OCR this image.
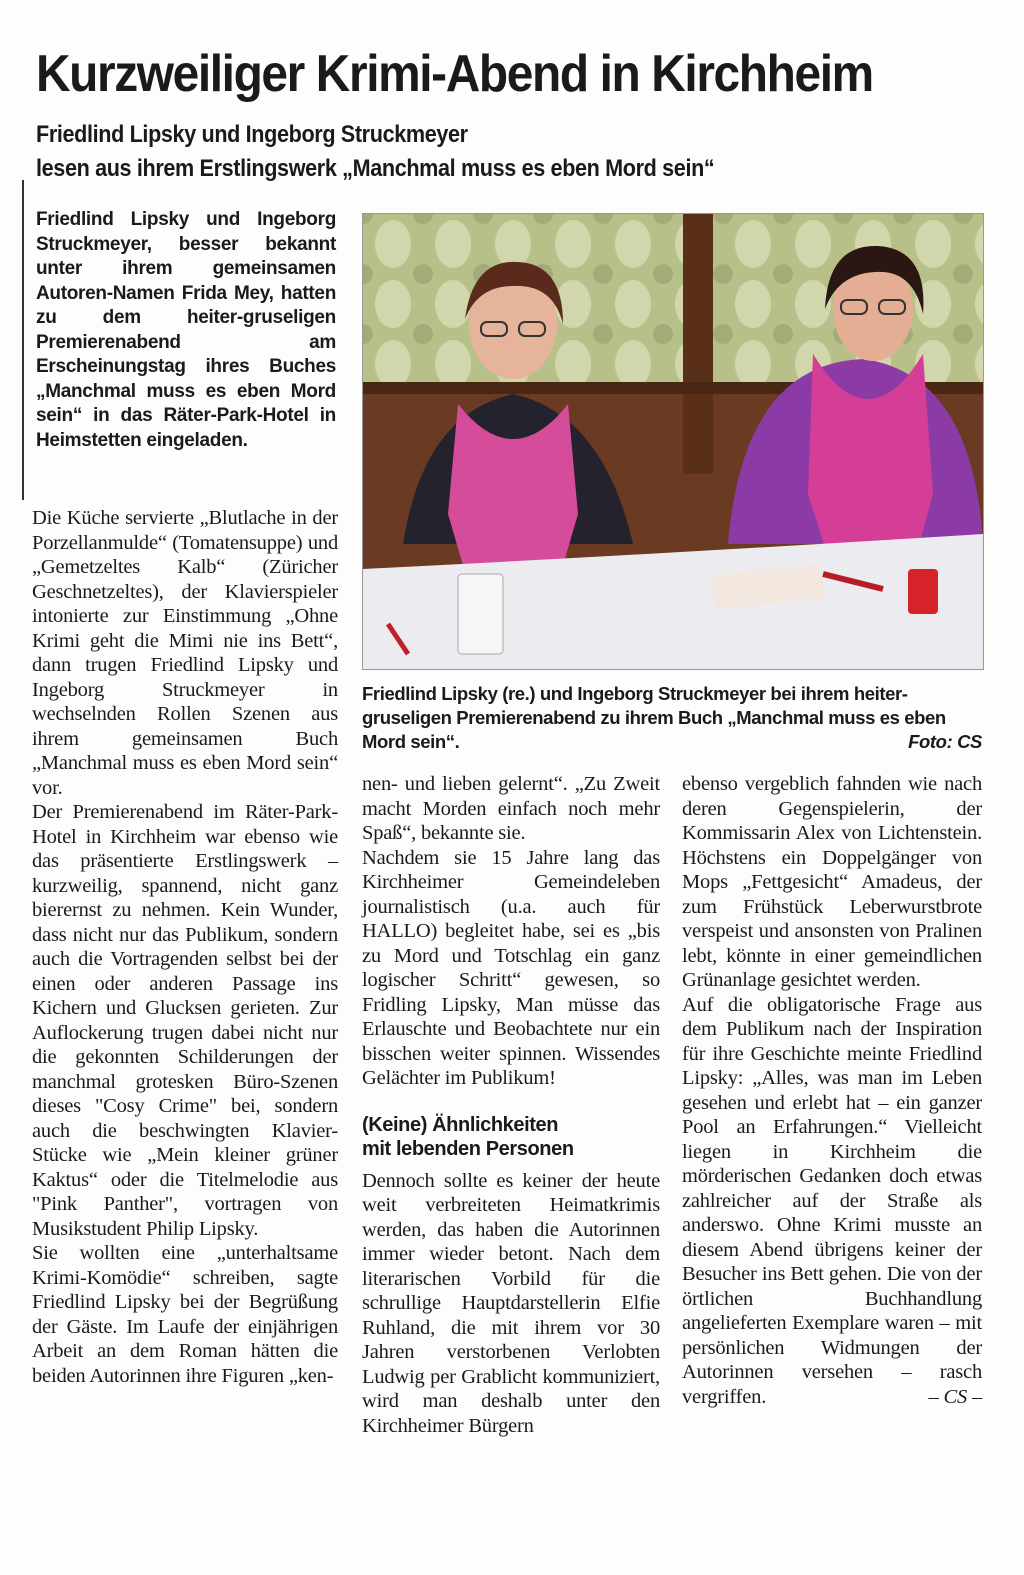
Kurzweiliger Krimi-Abend in Kirchheim
Friedlind Lipsky und Ingeborg Struckmeyer
lesen aus ihrem Erstlingswerk „Manchmal muss es eben Mord sein“
Friedlind Lipsky und Ingeborg Struckmeyer, besser bekannt unter ihrem gemeinsamen Autoren-Namen Frida Mey, hatten zu dem heiter-gruseligen Premierenabend am Erscheinungstag ihres Buches „Manchmal muss es eben Mord sein“ in das Räter-Park-Hotel in Heimstetten eingeladen.
Friedlind Lipsky (re.) und Ingeborg Struckmeyer bei ihrem heiter-gruseligen Premierenabend zu ihrem Buch „Manchmal muss es eben Mord sein“.	Foto: CS

Die Küche servierte „Blutlache in der Porzellanmulde“ (Tomatensuppe) und „Gemetzeltes Kalb“ (Züricher Geschnetzeltes), der Klavierspieler intonierte zur Einstimmung „Ohne Krimi geht die Mimi nie ins Bett“, dann trugen Friedlind Lipsky und Ingeborg Struckmeyer in wechselnden Rollen Szenen aus ihrem gemeinsamen Buch „Manchmal muss es eben Mord sein“ vor.

Der Premierenabend im Räter-Park-Hotel in Kirchheim war ebenso wie das präsentierte Erstlingswerk – kurzweilig, spannend, nicht ganz bierernst zu nehmen. Kein Wunder, dass nicht nur das Publikum, sondern auch die Vortragenden selbst bei der einen oder anderen Passage ins Kichern und Glucksen gerieten. Zur Auflockerung trugen dabei nicht nur die gekonnten Schilderungen der manchmal grotesken Büro-Szenen dieses "Cosy Crime" bei, sondern auch die beschwingten Klavier-Stücke wie „Mein kleiner grüner Kaktus“ oder die Titelmelodie aus "Pink Panther", vortragen von Musikstudent Philip Lipsky.

Sie wollten eine „unterhaltsame Krimi-Komödie“ schreiben, sagte Friedlind Lipsky bei der Begrüßung der Gäste. Im Laufe der einjährigen Arbeit an dem Roman hätten die beiden Autorinnen ihre Figuren „ken-

nen- und lieben gelernt“. „Zu Zweit macht Morden einfach noch mehr Spaß“, bekannte sie.

Nachdem sie 15 Jahre lang das Kirchheimer Gemeindeleben journalistisch (u.a. auch für HALLO) begleitet habe, sei es „bis zu Mord und Totschlag ein ganz logischer Schritt“ gewesen, so Fridling Lipsky, Man müsse das Erlauschte und Beobachtete nur ein bisschen weiter spinnen. Wissendes Gelächter im Publikum!

(Keine) Ähnlichkeiten
mit lebenden Personen

Dennoch sollte es keiner der heute weit verbreiteten Heimatkrimis werden, das haben die Autorinnen immer wieder betont. Nach dem literarischen Vorbild für die schrullige Hauptdarstellerin Elfie Ruhland, die mit ihrem vor 30 Jahren verstorbenen Verlobten Ludwig per Grablicht kommuniziert, wird man deshalb unter den Kirchheimer Bürgern

ebenso vergeblich fahnden wie nach deren Gegenspielerin, der Kommissarin Alex von Lichtenstein. Höchstens ein Doppelgänger von Mops „Fettgesicht“ Amadeus, der zum Frühstück Leberwurstbrote verspeist und ansonsten von Pralinen lebt, könnte in einer gemeindlichen Grünanlage gesichtet werden.

Auf die obligatorische Frage aus dem Publikum nach der Inspiration für ihre Geschichte meinte Friedlind Lipsky: „Alles, was man im Leben gesehen und erlebt hat – ein ganzer Pool an Erfahrungen.“ Vielleicht liegen in Kirchheim die mörderischen Gedanken doch etwas zahlreicher auf der Straße als anderswo. Ohne Krimi musste an diesem Abend übrigens keiner der Besucher ins Bett gehen. Die von der örtlichen Buchhandlung angelieferten Exemplare waren – mit persönlichen Widmungen der Autorinnen versehen – rasch vergriffen.	– CS –
